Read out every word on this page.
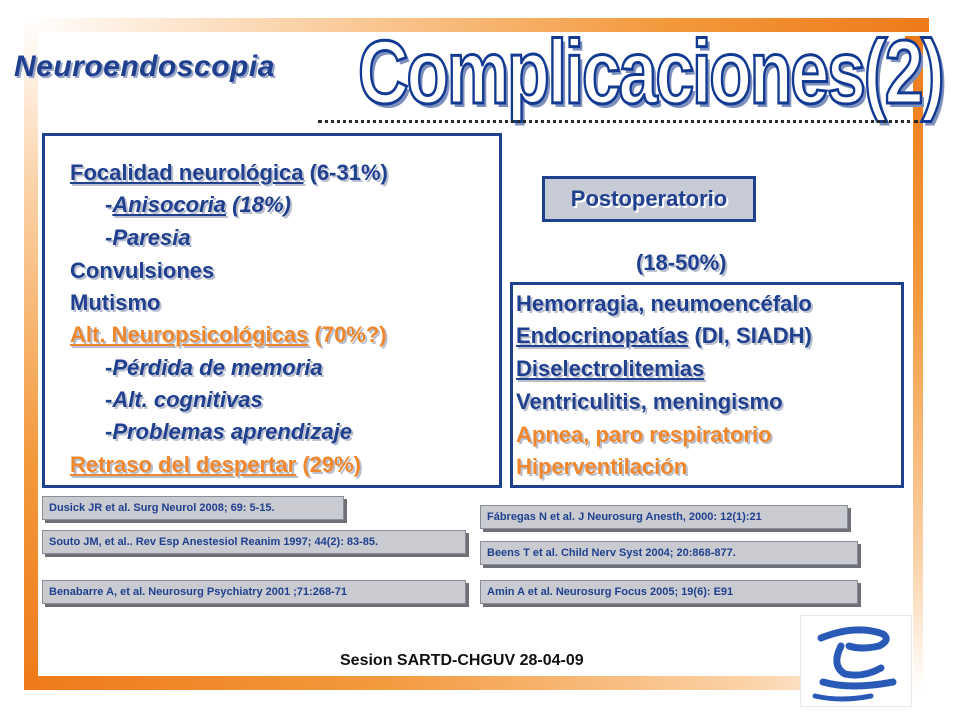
Neuroendoscopia Complicaciones(2)
Focalidad neurológica (6-31%)
-Anisocoria (18%)
-Paresia
Convulsiones
Mutismo
Alt. Neuropsicológicas (70%?)
-Pérdida de memoria
-Alt. cognitivas
-Problemas aprendizaje
Retraso del despertar (29%)
Postoperatorio
(18-50%)
Hemorragia, neumoencéfalo
Endocrinopatías (DI, SIADH)
Diselectrolitemias
Ventriculitis, meningismo
Apnea, paro respiratorio
Hiperventilación
Dusick JR et al. Surg Neurol 2008; 69: 5-15.
Souto JM, et al.. Rev Esp Anestesiol Reanim 1997; 44(2): 83-85.
Benabarre A, et al. Neurosurg Psychiatry 2001 ;71:268-71
Fábregas N et al. J Neurosurg Anesth, 2000: 12(1):21
Beens T et al. Child Nerv Syst 2004; 20:868-877.
Amin A et al. Neurosurg Focus 2005; 19(6): E91
Sesion SARTD-CHGUV 28-04-09
